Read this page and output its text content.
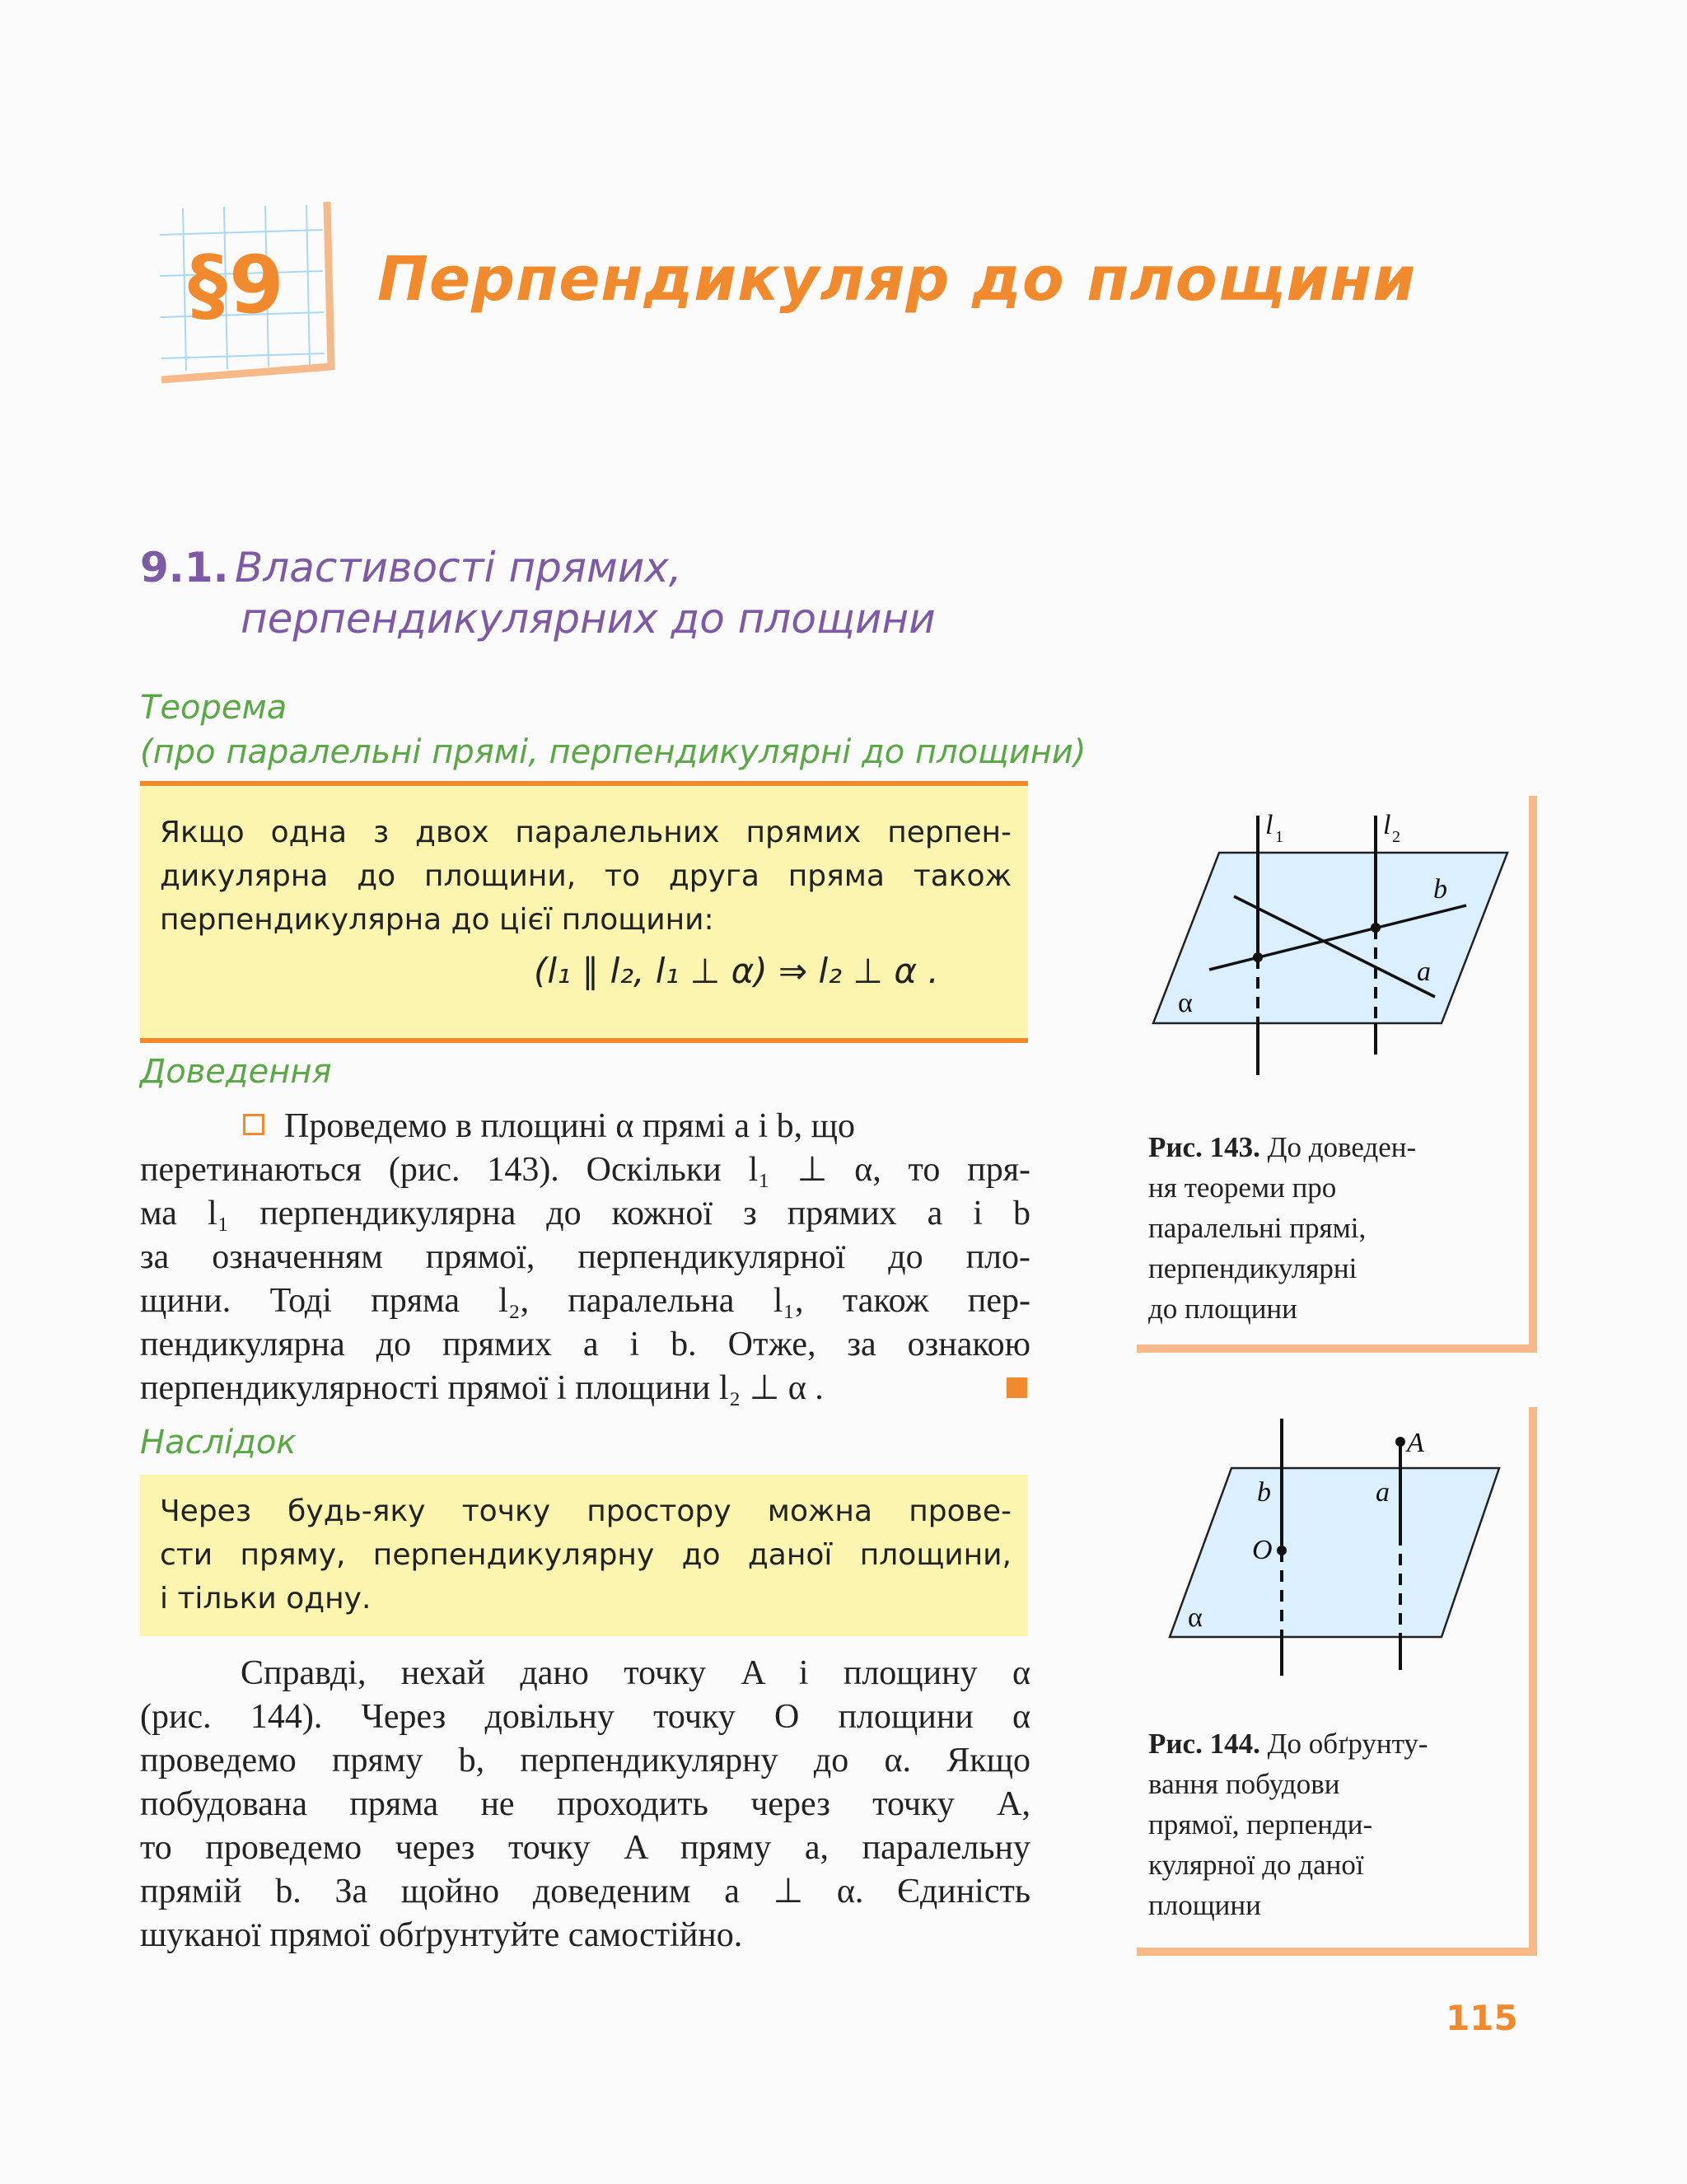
§9 Перпендикуляр до площини
9.1. Властивості прямих,
перпендикулярних до площини
Теорема
(про паралельні прямі, перпендикулярні до площини)
Якщо одна з двох паралельних прямих перпен-
дикулярна до площини, то друга пряма також
перпендикулярна до цієї площини:
(l₁ ∥ l₂, l₁ ⊥ α) ⇒ l₂ ⊥ α .
Доведення
Проведемо в площині α прямі a і b, що
перетинаються (рис. 143). Оскільки l₁ ⊥ α, то пря-
ма l₁ перпендикулярна до кожної з прямих a і b
за означенням прямої, перпендикулярної до пло-
щини. Тоді пряма l₂, паралельна l₁, також пер-
пендикулярна до прямих a і b. Отже, за ознакою
перпендикулярності прямої і площини l₂ ⊥ α .
Наслідок
Через будь-яку точку простору можна прове-
сти пряму, перпендикулярну до даної площини,
і тільки одну.
Справді, нехай дано точку A і площину α
(рис. 144). Через довільну точку O площини α
проведемо пряму b, перпендикулярну до α. Якщо
побудована пряма не проходить через точку A,
то проведемо через точку A пряму a, паралельну
прямій b. За щойно доведеним a ⊥ α. Єдиність
шуканої прямої обґрунтуйте самостійно.
l 1	l 2
b
a
α
Рис. 143. До доведен-
ня теореми про
паралельні прямі,
перпендикулярні
до площини
A
b	a
O
α
Рис. 144. До обґрунту-
вання побудови
прямої, перпенди-
кулярної до даної
площини
115
